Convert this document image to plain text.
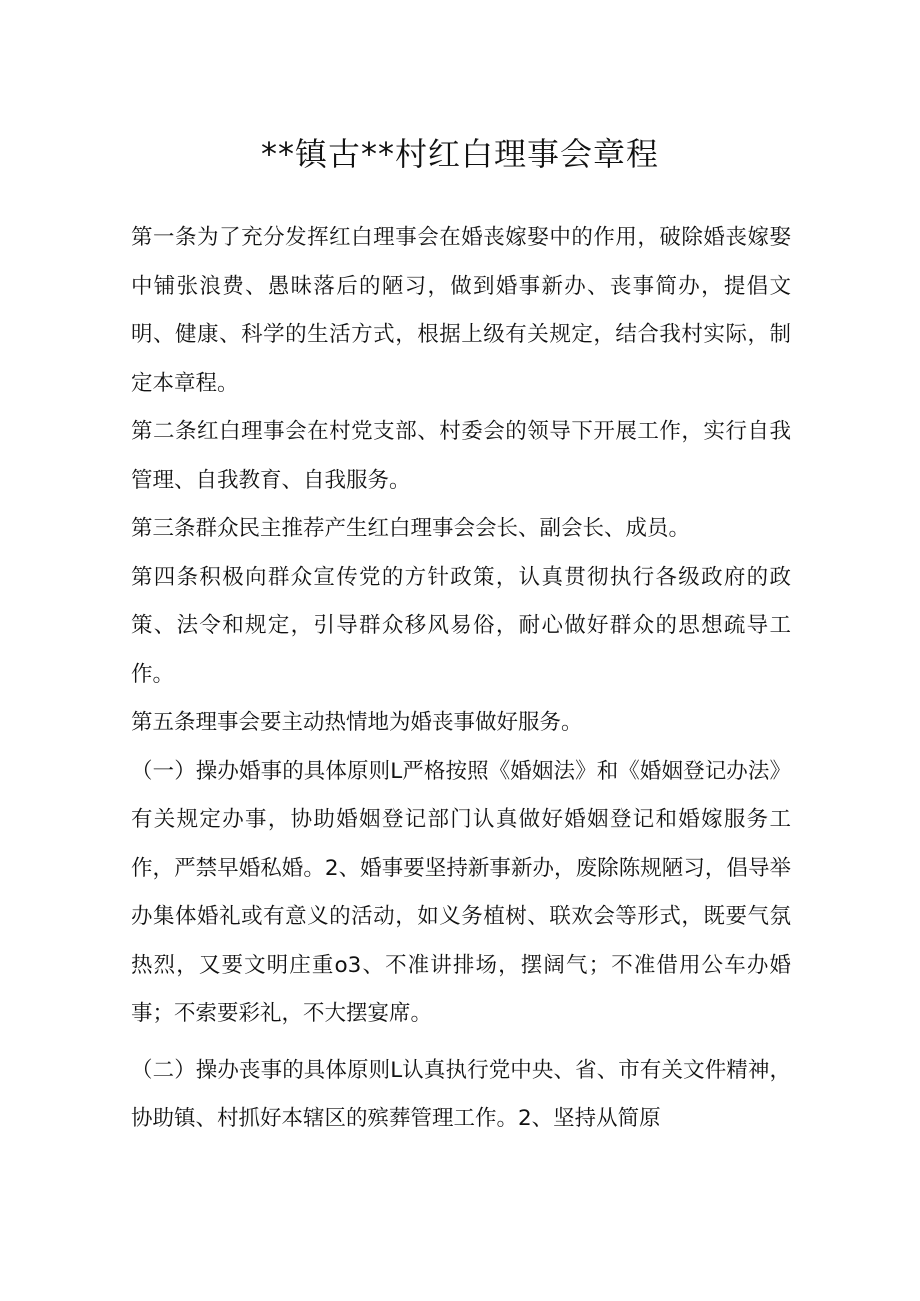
**镇古**村红白理事会章程

第一条为了充分发挥红白理事会在婚丧嫁娶中的作用，破除婚丧嫁娶中铺张浪费、愚昧落后的陋习，做到婚事新办、丧事简办，提倡文明、健康、科学的生活方式，根据上级有关规定，结合我村实际，制定本章程。

第二条红白理事会在村党支部、村委会的领导下开展工作，实行自我管理、自我教育、自我服务。

第三条群众民主推荐产生红白理事会会长、副会长、成员。

第四条积极向群众宣传党的方针政策，认真贯彻执行各级政府的政策、法令和规定，引导群众移风易俗，耐心做好群众的思想疏导工作。

第五条理事会要主动热情地为婚丧事做好服务。

（一）操办婚事的具体原则L严格按照《婚姻法》和《婚姻登记办法》有关规定办事，协助婚姻登记部门认真做好婚姻登记和婚嫁服务工作，严禁早婚私婚。2、婚事要坚持新事新办，废除陈规陋习，倡导举办集体婚礼或有意义的活动，如义务植树、联欢会等形式，既要气氛热烈，又要文明庄重o3、不准讲排场，摆阔气；不准借用公车办婚事；不索要彩礼，不大摆宴席。

（二）操办丧事的具体原则L认真执行党中央、省、市有关文件精神，协助镇、村抓好本辖区的殡葬管理工作。2、坚持从简原
